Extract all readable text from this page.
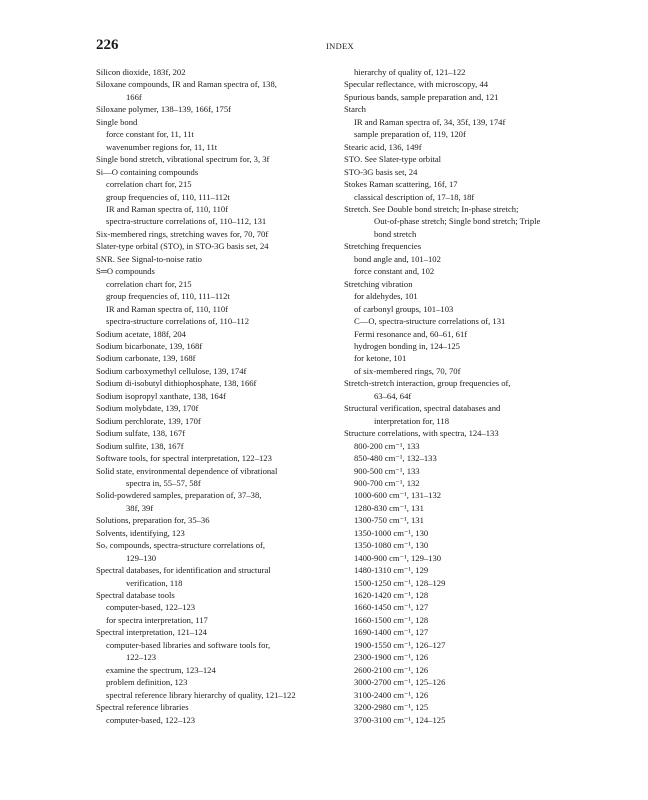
226	INDEX
Silicon dioxide, 183f, 202
Siloxane compounds, IR and Raman spectra of, 138,
166f
Siloxane polymer, 138–139, 166f, 175f
Single bond
force constant for, 11, 11t
wavenumber regions for, 11, 11t
Single bond stretch, vibrational spectrum for, 3, 3f
Si—O containing compounds
correlation chart for, 215
group frequencies of, 110, 111–112t
IR and Raman spectra of, 110, 110f
spectra-structure correlations of, 110–112, 131
Six-membered rings, stretching waves for, 70, 70f
Slater-type orbital (STO), in STO-3G basis set, 24
SNR. See Signal-to-noise ratio
S═O compounds
correlation chart for, 215
group frequencies of, 110, 111–112t
IR and Raman spectra of, 110, 110f
spectra-structure correlations of, 110–112
Sodium acetate, 188f, 204
Sodium bicarbonate, 139, 168f
Sodium carbonate, 139, 168f
Sodium carboxymethyl cellulose, 139, 174f
Sodium di-isobutyl dithiophosphate, 138, 166f
Sodium isopropyl xanthate, 138, 164f
Sodium molybdate, 139, 170f
Sodium perchlorate, 139, 170f
Sodium sulfate, 138, 167f
Sodium sulfite, 138, 167f
Software tools, for spectral interpretation, 122–123
Solid state, environmental dependence of vibrational
spectra in, 55–57, 58f
Solid-powdered samples, preparation of, 37–38,
38f, 39f
Solutions, preparation for, 35–36
Solvents, identifying, 123
Soₓ compounds, spectra-structure correlations of,
129–130
Spectral databases, for identification and structural
verification, 118
Spectral database tools
computer-based, 122–123
for spectra interpretation, 117
Spectral interpretation, 121–124
computer-based libraries and software tools for,
122–123
examine the spectrum, 123–124
problem definition, 123
spectral reference library hierarchy of quality, 121–122
Spectral reference libraries
computer-based, 122–123
hierarchy of quality of, 121–122
Specular reflectance, with microscopy, 44
Spurious bands, sample preparation and, 121
Starch
IR and Raman spectra of, 34, 35f, 139, 174f
sample preparation of, 119, 120f
Stearic acid, 136, 149f
STO. See Slater-type orbital
STO-3G basis set, 24
Stokes Raman scattering, 16f, 17
classical description of, 17–18, 18f
Stretch. See Double bond stretch; In-phase stretch;
Out-of-phase stretch; Single bond stretch; Triple
bond stretch
Stretching frequencies
bond angle and, 101–102
force constant and, 102
Stretching vibration
for aldehydes, 101
of carbonyl groups, 101–103
C—O, spectra-structure correlations of, 131
Fermi resonance and, 60–61, 61f
hydrogen bonding in, 124–125
for ketone, 101
of six-membered rings, 70, 70f
Stretch-stretch interaction, group frequencies of,
63–64, 64f
Structural verification, spectral databases and
interpretation for, 118
Structure correlations, with spectra, 124–133
800-200 cm⁻¹, 133
850-480 cm⁻¹, 132–133
900-500 cm⁻¹, 133
900-700 cm⁻¹, 132
1000-600 cm⁻¹, 131–132
1280-830 cm⁻¹, 131
1300-750 cm⁻¹, 131
1350-1000 cm⁻¹, 130
1350-1080 cm⁻¹, 130
1400-900 cm⁻¹, 129–130
1480-1310 cm⁻¹, 129
1500-1250 cm⁻¹, 128–129
1620-1420 cm⁻¹, 128
1660-1450 cm⁻¹, 127
1660-1500 cm⁻¹, 128
1690-1400 cm⁻¹, 127
1900-1550 cm⁻¹, 126–127
2300-1900 cm⁻¹, 126
2600-2100 cm⁻¹, 126
3000-2700 cm⁻¹, 125–126
3100-2400 cm⁻¹, 126
3200-2980 cm⁻¹, 125
3700-3100 cm⁻¹, 124–125
